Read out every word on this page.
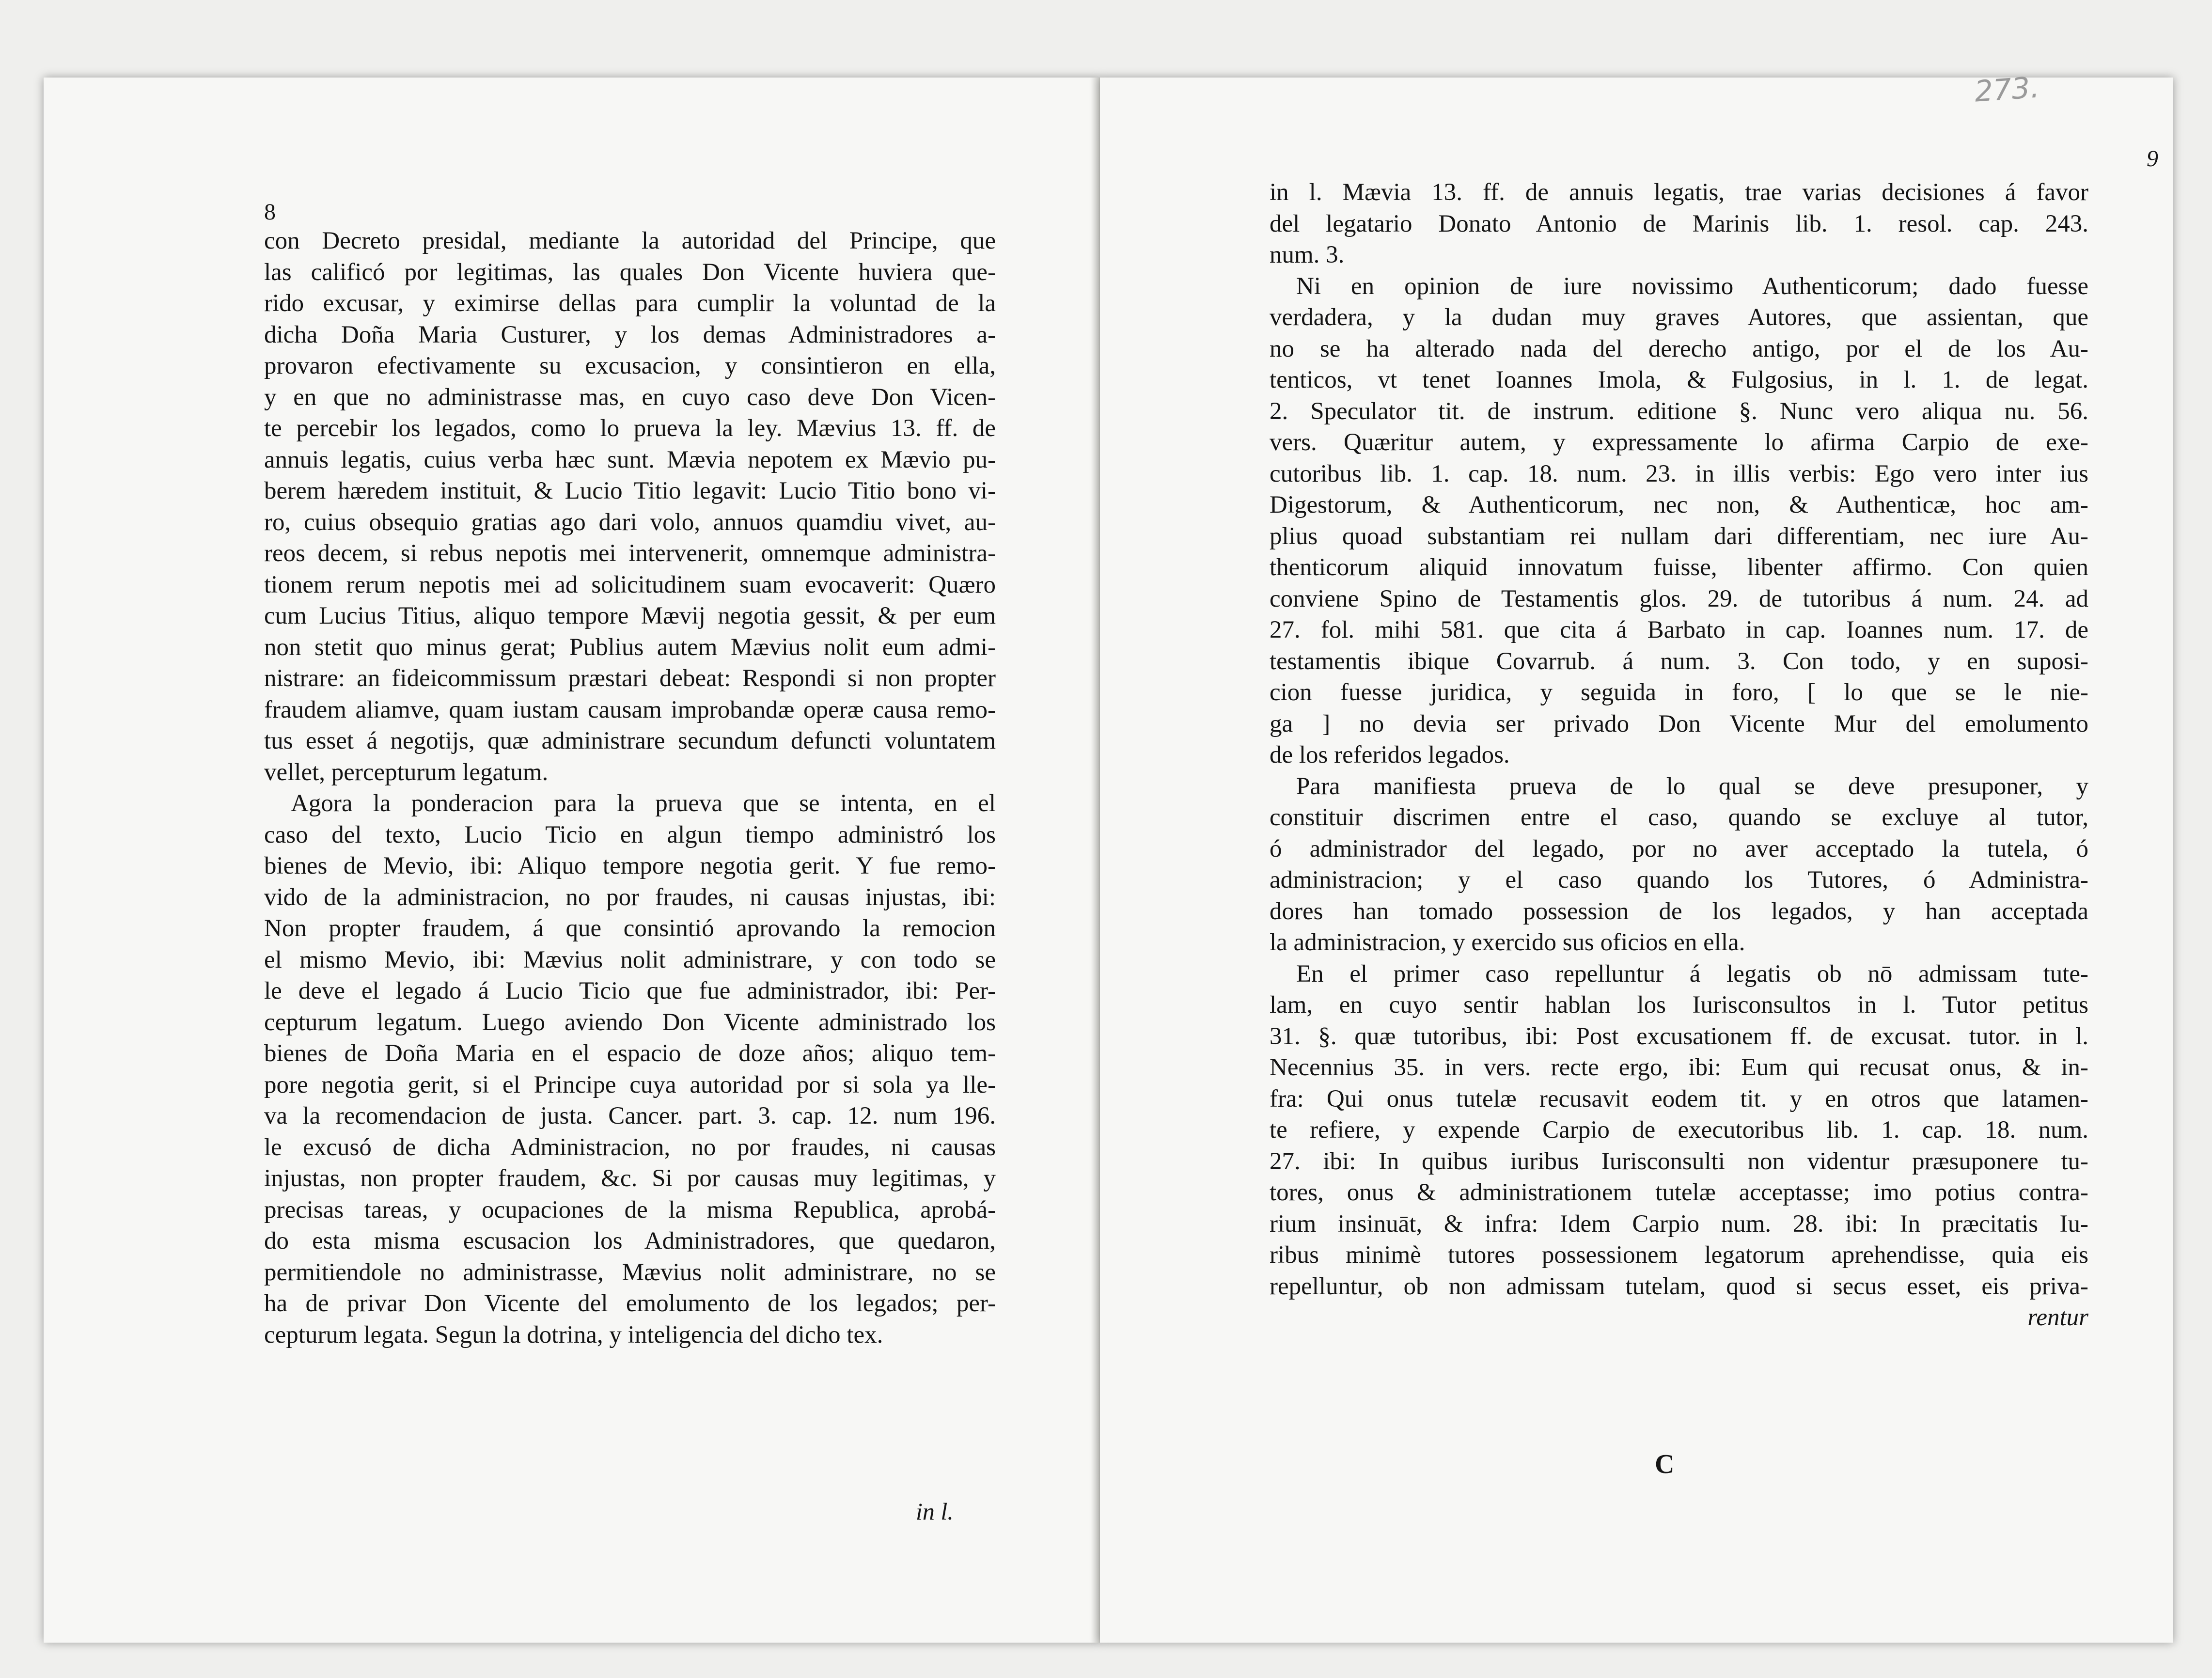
8
con Decreto presidal, mediante la autoridad del Principe, que
las calificó por legitimas, las quales Don Vicente huviera que-
rido excusar, y eximirse dellas para cumplir la voluntad de la
dicha Doña Maria Custurer, y los demas Administradores a-
provaron efectivamente su excusacion, y consintieron en ella,
y en que no administrasse mas, en cuyo caso deve Don Vicen-
te percebir los legados, como lo prueva la ley. Mævius 13. ff. de
annuis legatis, cuius verba hæc sunt. Mævia nepotem ex Mævio pu-
berem hæredem instituit, & Lucio Titio legavit: Lucio Titio bono vi-
ro, cuius obsequio gratias ago dari volo, annuos quamdiu vivet, au-
reos decem, si rebus nepotis mei intervenerit, omnemque administra-
tionem rerum nepotis mei ad solicitudinem suam evocaverit: Quæro
cum Lucius Titius, aliquo tempore Mævij negotia gessit, & per eum
non stetit quo minus gerat; Publius autem Mævius nolit eum admi-
nistrare: an fideicommissum præstari debeat: Respondi si non propter
fraudem aliamve, quam iustam causam improbandæ operæ causa remo-
tus esset á negotijs, quæ administrare secundum defuncti voluntatem
vellet, percepturum legatum.
Agora la ponderacion para la prueva que se intenta, en el
caso del texto, Lucio Ticio en algun tiempo administró los
bienes de Mevio, ibi: Aliquo tempore negotia gerit. Y fue remo-
vido de la administracion, no por fraudes, ni causas injustas, ibi:
Non propter fraudem, á que consintió aprovando la remocion
el mismo Mevio, ibi: Mævius nolit administrare, y con todo se
le deve el legado á Lucio Ticio que fue administrador, ibi: Per-
cepturum legatum. Luego aviendo Don Vicente administrado los
bienes de Doña Maria en el espacio de doze años; aliquo tem-
pore negotia gerit, si el Principe cuya autoridad por si sola ya lle-
va la recomendacion de justa. Cancer. part. 3. cap. 12. num 196.
le excusó de dicha Administracion, no por fraudes, ni causas
injustas, non propter fraudem, &c. Si por causas muy legitimas, y
precisas tareas, y ocupaciones de la misma Republica, aprobá-
do esta misma escusacion los Administradores, que quedaron,
permitiendole no administrasse, Mævius nolit administrare, no se
ha de privar Don Vicente del emolumento de los legados; per-
cepturum legata. Segun la dotrina, y inteligencia del dicho tex.
in l.
273.
9
in l. Mævia 13. ff. de annuis legatis, trae varias decisiones á favor
del legatario Donato Antonio de Marinis lib. 1. resol. cap. 243.
num. 3.
Ni en opinion de iure novissimo Authenticorum; dado fuesse
verdadera, y la dudan muy graves Autores, que assientan, que
no se ha alterado nada del derecho antigo, por el de los Au-
tenticos, vt tenet Ioannes Imola, & Fulgosius, in l. 1. de legat.
2. Speculator tit. de instrum. editione §. Nunc vero aliqua nu. 56.
vers. Quæritur autem, y expressamente lo afirma Carpio de exe-
cutoribus lib. 1. cap. 18. num. 23. in illis verbis: Ego vero inter ius
Digestorum, & Authenticorum, nec non, & Authenticæ, hoc am-
plius quoad substantiam rei nullam dari differentiam, nec iure Au-
thenticorum aliquid innovatum fuisse, libenter affirmo. Con quien
conviene Spino de Testamentis glos. 29. de tutoribus á num. 24. ad
27. fol. mihi 581. que cita á Barbato in cap. Ioannes num. 17. de
testamentis ibique Covarrub. á num. 3. Con todo, y en suposi-
cion fuesse juridica, y seguida in foro, [ lo que se le nie-
ga ] no devia ser privado Don Vicente Mur del emolumento
de los referidos legados.
Para manifiesta prueva de lo qual se deve presuponer, y
constituir discrimen entre el caso, quando se excluye al tutor,
ó administrador del legado, por no aver acceptado la tutela, ó
administracion; y el caso quando los Tutores, ó Administra-
dores han tomado possession de los legados, y han acceptada
la administracion, y exercido sus oficios en ella.
En el primer caso repelluntur á legatis ob nō admissam tute-
lam, en cuyo sentir hablan los Iurisconsultos in l. Tutor petitus
31. §. quæ tutoribus, ibi: Post excusationem ff. de excusat. tutor. in l.
Necennius 35. in vers. recte ergo, ibi: Eum qui recusat onus, & in-
fra: Qui onus tutelæ recusavit eodem tit. y en otros que latamen-
te refiere, y expende Carpio de executoribus lib. 1. cap. 18. num.
27. ibi: In quibus iuribus Iurisconsulti non videntur præsuponere tu-
tores, onus & administrationem tutelæ acceptasse; imo potius contra-
rium insinuāt, & infra: Idem Carpio num. 28. ibi: In præcitatis Iu-
ribus minimè tutores possessionem legatorum aprehendisse, quia eis
repelluntur, ob non admissam tutelam, quod si secus esset, eis priva-
rentur
C
